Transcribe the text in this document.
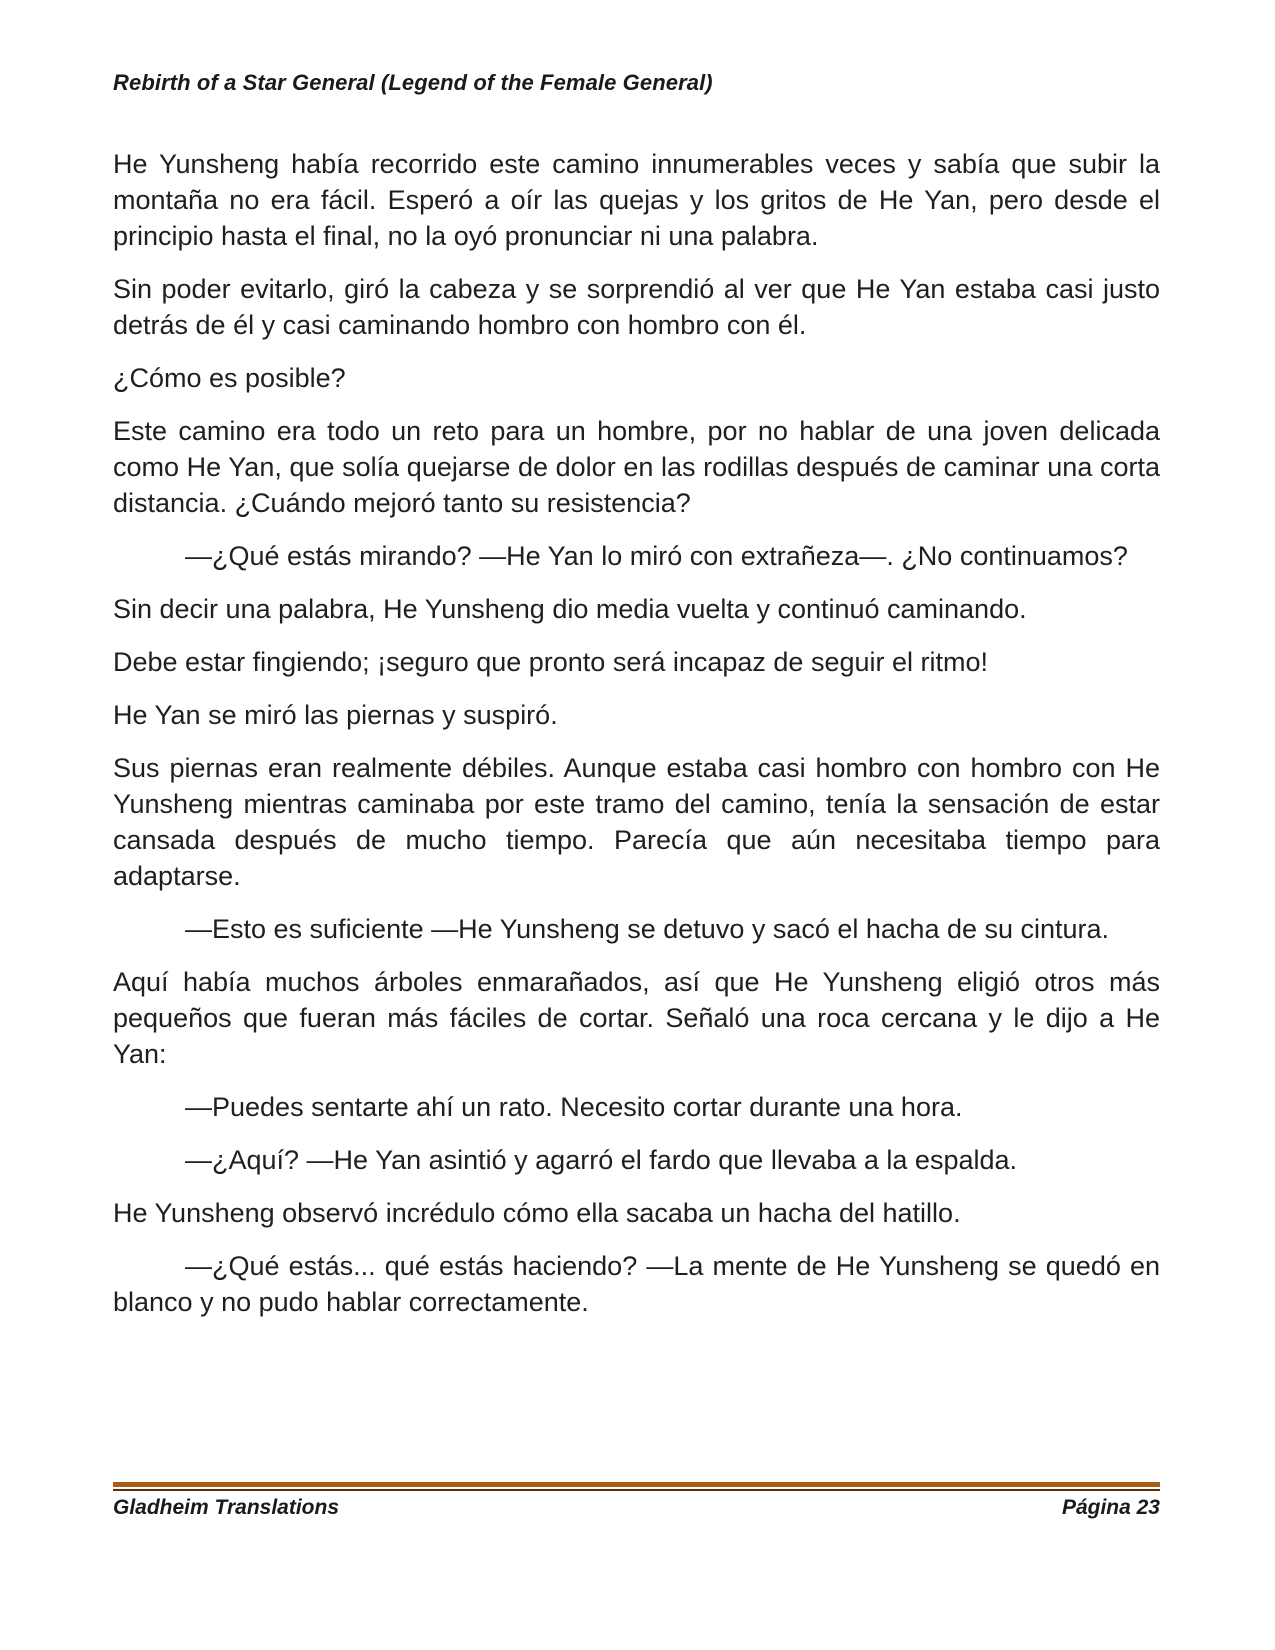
Rebirth of a Star General (Legend of the Female General)

He Yunsheng había recorrido este camino innumerables veces y sabía que subir la montaña no era fácil. Esperó a oír las quejas y los gritos de He Yan, pero desde el principio hasta el final, no la oyó pronunciar ni una palabra.

Sin poder evitarlo, giró la cabeza y se sorprendió al ver que He Yan estaba casi justo detrás de él y casi caminando hombro con hombro con él.

¿Cómo es posible?

Este camino era todo un reto para un hombre, por no hablar de una joven delicada como He Yan, que solía quejarse de dolor en las rodillas después de caminar una corta distancia. ¿Cuándo mejoró tanto su resistencia?

—¿Qué estás mirando? —He Yan lo miró con extrañeza—. ¿No continuamos?

Sin decir una palabra, He Yunsheng dio media vuelta y continuó caminando.

Debe estar fingiendo; ¡seguro que pronto será incapaz de seguir el ritmo!

He Yan se miró las piernas y suspiró.

Sus piernas eran realmente débiles. Aunque estaba casi hombro con hombro con He Yunsheng mientras caminaba por este tramo del camino, tenía la sensación de estar cansada después de mucho tiempo. Parecía que aún necesitaba tiempo para adaptarse.

—Esto es suficiente —He Yunsheng se detuvo y sacó el hacha de su cintura.

Aquí había muchos árboles enmarañados, así que He Yunsheng eligió otros más pequeños que fueran más fáciles de cortar. Señaló una roca cercana y le dijo a He Yan:

—Puedes sentarte ahí un rato. Necesito cortar durante una hora.

—¿Aquí? —He Yan asintió y agarró el fardo que llevaba a la espalda.

He Yunsheng observó incrédulo cómo ella sacaba un hacha del hatillo.

—¿Qué estás... qué estás haciendo? —La mente de He Yunsheng se quedó en blanco y no pudo hablar correctamente.

Gladheim Translations	Página 23
